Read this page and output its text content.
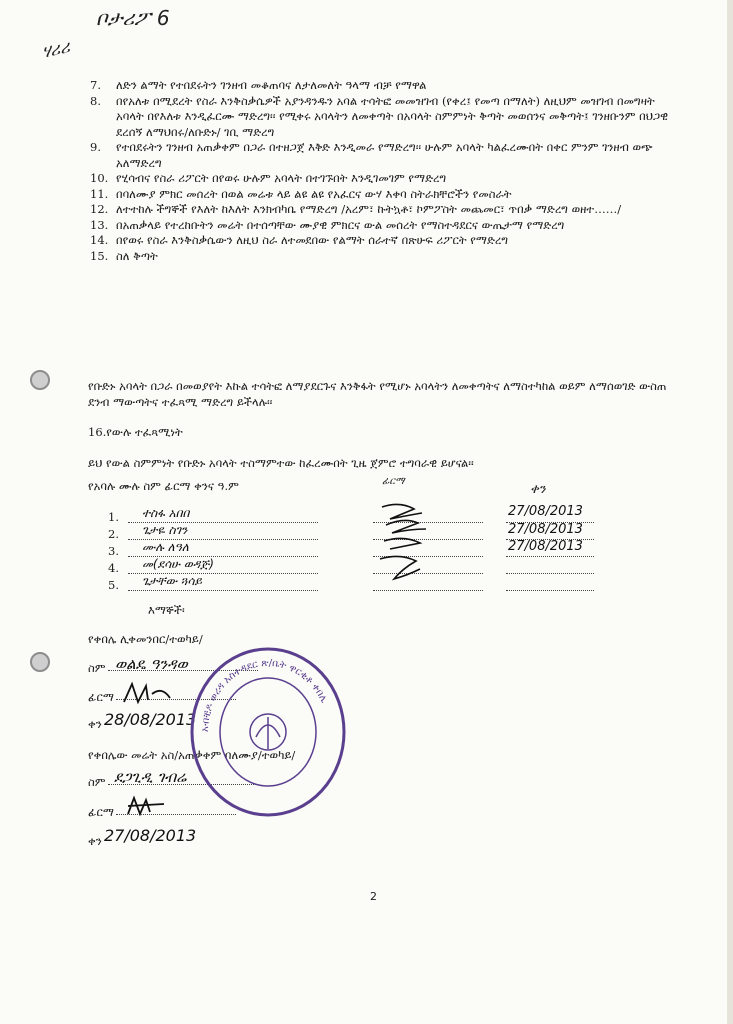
ቦታሪፖ 6
ሃሪሪ
7.	ለድን ልማት የተበደሩትን ገንዘብ መቆጠባና ለታለመለት ዓላማ ብቻ የማዋል
8.	በየአለቱ በሚደረት የስራ እንቅስቃሴዎች አያንዳንዱን አባል ተሳትፎ መመዝገብ (የቀረ፤ የመጣ በማለት) ለዚህም መዝገብ በመግዛት አባላት በየእለቱ እንዲፈርሙ ማድረግ፡፡ የሚቀሩ አባላትን ለመቀጣት በአባላት ስምምነት ቅጣት መወሰንና መቅጣት፤ ገንዘቡንም በህጋዊ ደረሰኝ ለማህበሩ/ለቡድኑ/ ገቢ ማድረግ
9.	የተበደሩትን ገንዘብ አጠቃቀም በጋራ በተዘጋጀ እቅድ እንዲመራ የማድረግ፡፡ ሁሉም አባላት ካልፈረሙበት በቀር ምንም ገንዘብ ወጭ አለማድረግ
10. የሂሳብና የስራ ሪፖርት በየወሩ ሁሉም አባላት በተገኙበት እንዲገመገም የማድረግ
11. በባለሙያ ምክር መሰረት በወል መሬቱ ላይ ልዩ ልዩ የአፈርና ውሃ እቀባ ስትራክቸሮችን የመስራት
12. ለተተከሉ ችግኞች የእለት ከእለት እንክብካቤ የማድረግ /አረም፣ ኩትኳቶ፣ ኮምፖስት መጨመር፣ ጥበቃ ማድረግ ወዘተ……/
13. በአጠቃላይ የተረከቡትን መሬት በተሰጣቸው ሙያዊ ምክርና ውል መሰረት የማስተዳደርና ውጤታማ የማድረግ
14. በየወሩ የስራ እንቅስቃሴውን ለዚህ ስራ ለተመደበው የልማት ሰራተኛ በጽሁፍ ሪፖርት የማድረግ
15. ስለ ቅጣት
የቡድኑ አባላት በጋራ በመወያየት እኩል ተሳትፎ ለማያደርጉና እንቅፋት የሚሆኑ አባላትን ለመቀጣትና ለማስተካከል ወይም ለማሰወገድ ውስጠ ደንብ ማውጣትና ተፈጻሚ ማድረግ ይችላሉ፡፡
16.የውሉ ተፈጻሚነት
ይህ የውል ስምምነት የቡድኑ አባላት ተስማምተው ከፈረሙበት ጊዜ ጀምሮ ተግባራዊ ይሆናል፡፡
የአባሉ ሙሉ ስም ፊርማ ቀንና ዓ.ም	ፊርማ
ቀን
1. ተስፋ አበበ	27/08/2013
2. ጌታዬ ስገን	27/08/2013
3. ሙሉ ለዓለ	27/08/2013
4. መ(ደሳሁ ወዳጅ)
5. ጌታቸው ጓሳይ
እማኞች፡
የቀበሌ ሊቀመንበር/ተወካይ/
ስም ወልዴ ዓንዳወ
ፊርማ
ቀን 28/08/2013
የቀበሌው መሬት አስ/አጠቃቀም ባለሙያ/ተወካይ/
ስም ደጋጊዲ ገብሬ
ፊርማ
ቀን 27/08/2013
አብቺዶ ወረዳ አስተዳደር ጽ/ቤት ዋርቂቶ ቀበሌ
2
